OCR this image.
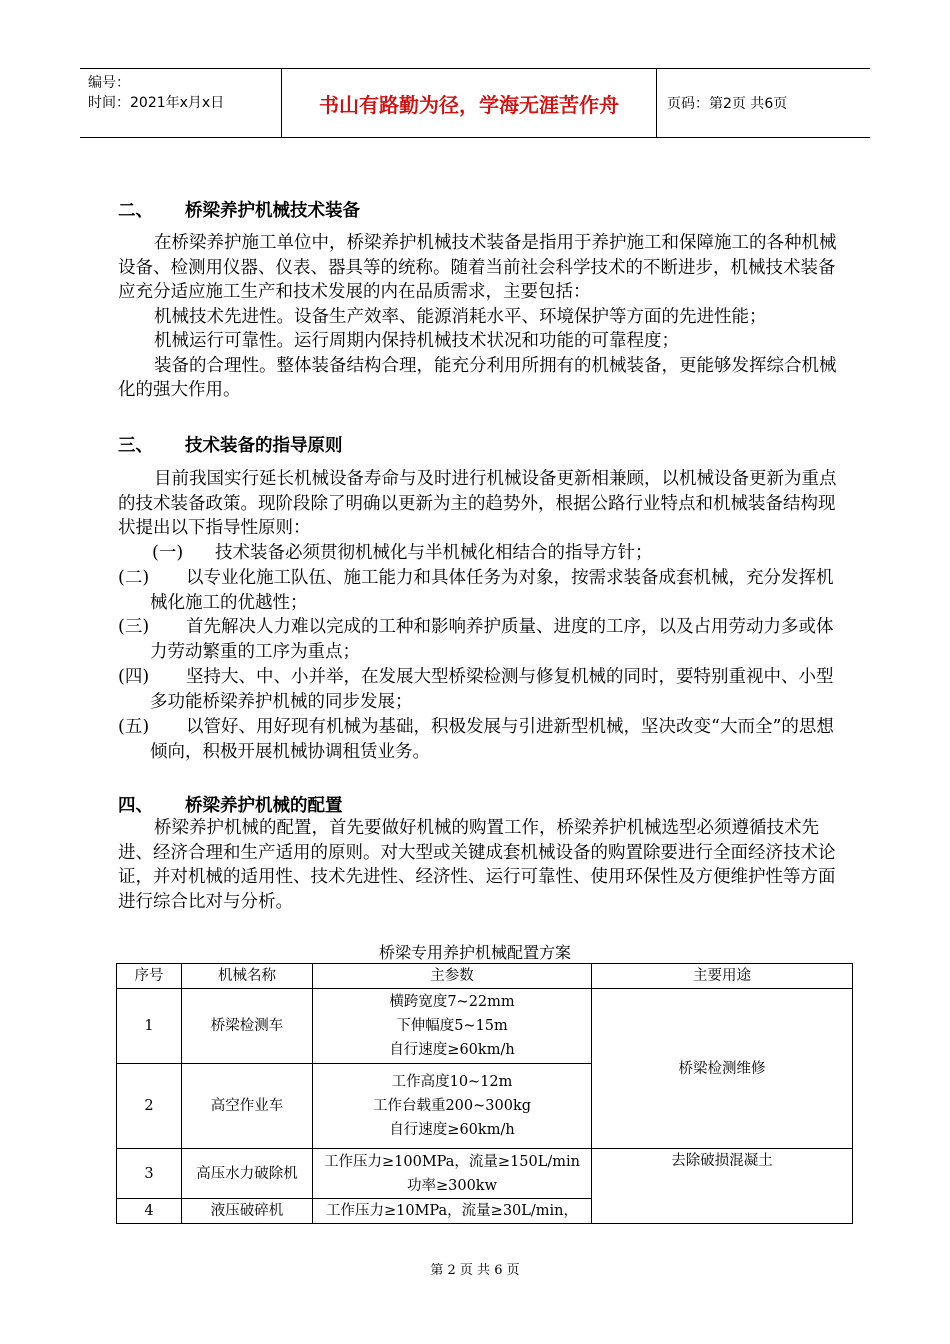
编号：
时间：2021年x月x日	书山有路勤为径，学海无涯苦作舟	页码：第2页 共6页
二、 桥梁养护机械技术装备

在桥梁养护施工单位中，桥梁养护机械技术装备是指用于养护施工和保障施工的各种机械设备、检测用仪器、仪表、器具等的统称。随着当前社会科学技术的不断进步，机械技术装备应充分适应施工生产和技术发展的内在品质需求，主要包括：

机械技术先进性。设备生产效率、能源消耗水平、环境保护等方面的先进性能；

机械运行可靠性。运行周期内保持机械技术状况和功能的可靠程度；

装备的合理性。整体装备结构合理，能充分利用所拥有的机械装备，更能够发挥综合机械化的强大作用。

三、 技术装备的指导原则

目前我国实行延长机械设备寿命与及时进行机械设备更新相兼顾，以机械设备更新为重点的技术装备政策。现阶段除了明确以更新为主的趋势外，根据公路行业特点和机械装备结构现状提出以下指导性原则：

(一) 技术装备必须贯彻机械化与半机械化相结合的指导方针；
(二) 以专业化施工队伍、施工能力和具体任务为对象，按需求装备成套机械，充分发挥机械化施工的优越性；
(三) 首先解决人力难以完成的工种和影响养护质量、进度的工序，以及占用劳动力多或体力劳动繁重的工序为重点；
(四) 坚持大、中、小并举，在发展大型桥梁检测与修复机械的同时，要特别重视中、小型多功能桥梁养护机械的同步发展；
(五) 以管好、用好现有机械为基础，积极发展与引进新型机械，坚决改变“大而全”的思想倾向，积极开展机械协调租赁业务。
四、 桥梁养护机械的配置

桥梁养护机械的配置，首先要做好机械的购置工作，桥梁养护机械选型必须遵循技术先进、经济合理和生产适用的原则。对大型或关键成套机械设备的购置除要进行全面经济技术论证，并对机械的适用性、技术先进性、经济性、运行可靠性、使用环保性及方便维护性等方面进行综合比对与分析。

桥梁专用养护机械配置方案
序号	机械名称	主参数	主要用途
1	桥梁检测车	横跨宽度7~22mm
下伸幅度5~15m
自行速度≥60km/h	桥梁检测维修
2	高空作业车	工作高度10~12m
工作台载重200~300kg
自行速度≥60km/h	

3	高压水力破除机	工作压力≥100MPa，流量≥150L/min
功率≥300kw	去除破损混凝土
4	液压破碎机	工作压力≥10MPa，流量≥30L/min，	
第 2 页 共 6 页
